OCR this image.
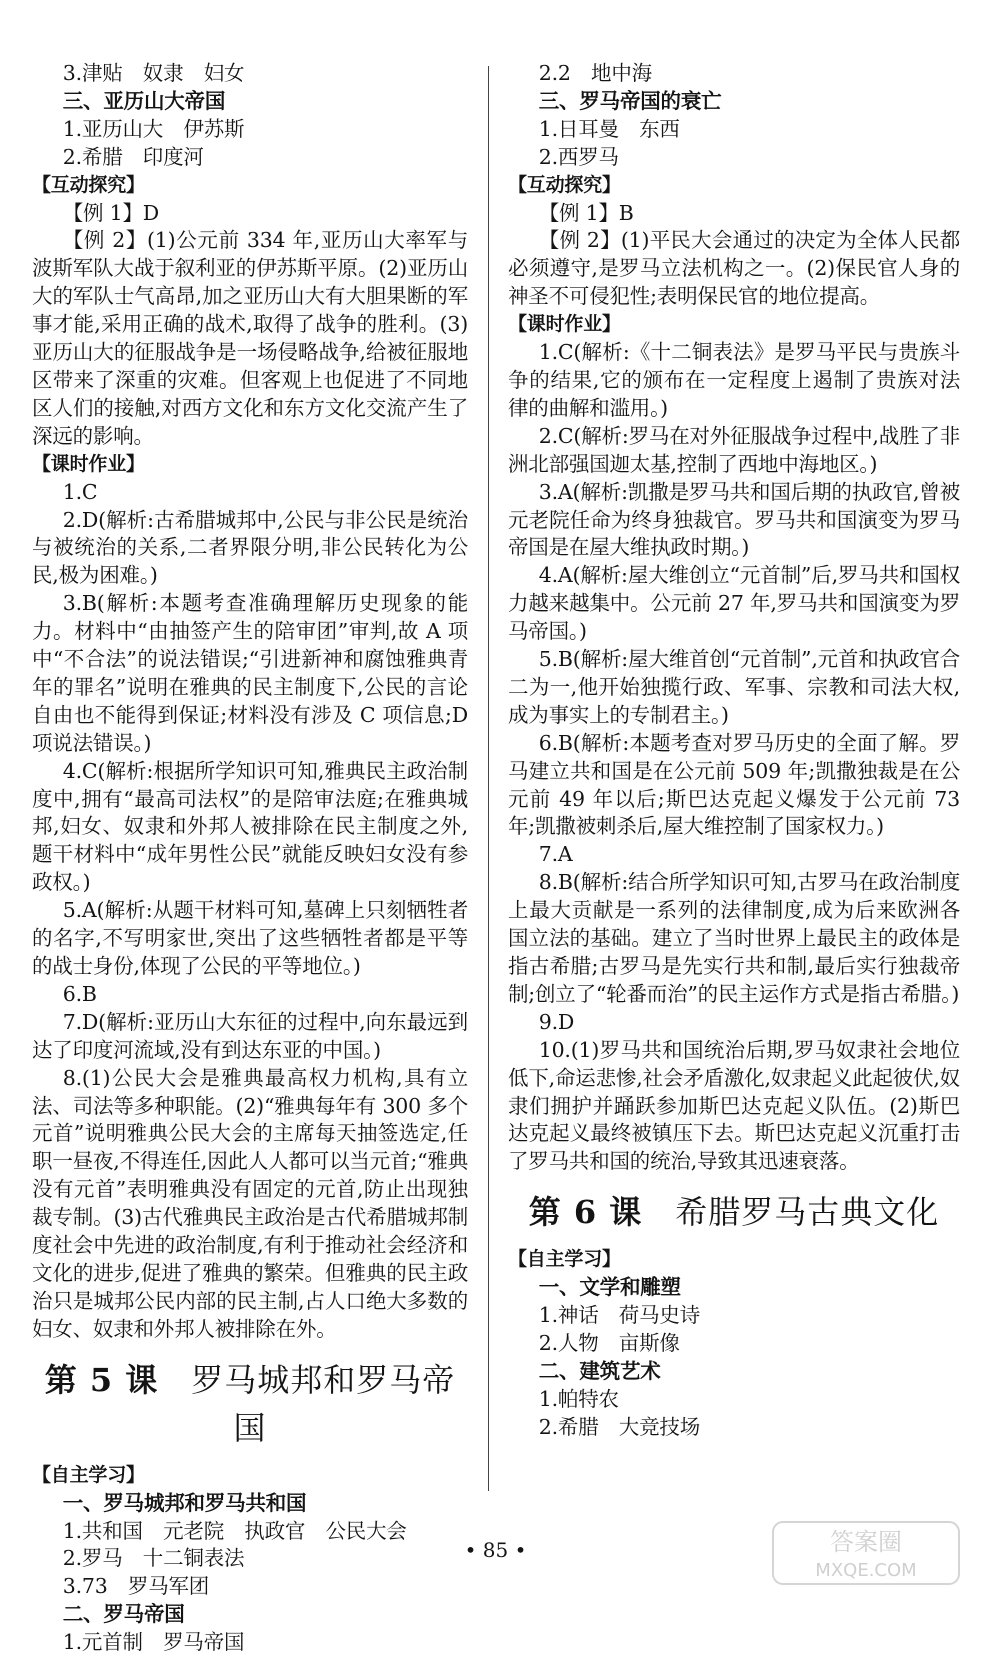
3.津贴　奴隶　妇女

三、亚历山大帝国

1.亚历山大　伊苏斯

2.希腊　印度河

【互动探究】

【例 1】D

【例 2】(1)公元前 334 年,亚历山大率军与波斯军队大战于叙利亚的伊苏斯平原。(2)亚历山大的军队士气高昂,加之亚历山大有大胆果断的军事才能,采用正确的战术,取得了战争的胜利。(3)亚历山大的征服战争是一场侵略战争,给被征服地区带来了深重的灾难。但客观上也促进了不同地区人们的接触,对西方文化和东方文化交流产生了深远的影响。

【课时作业】

1.C

2.D(解析:古希腊城邦中,公民与非公民是统治与被统治的关系,二者界限分明,非公民转化为公民,极为困难。)

3.B(解析:本题考查准确理解历史现象的能力。材料中“由抽签产生的陪审团”审判,故 A 项中“不合法”的说法错误;“引进新神和腐蚀雅典青年的罪名”说明在雅典的民主制度下,公民的言论自由也不能得到保证;材料没有涉及 C 项信息;D 项说法错误。)

4.C(解析:根据所学知识可知,雅典民主政治制度中,拥有“最高司法权”的是陪审法庭;在雅典城邦,妇女、奴隶和外邦人被排除在民主制度之外,题干材料中“成年男性公民”就能反映妇女没有参政权。)

5.A(解析:从题干材料可知,墓碑上只刻牺牲者的名字,不写明家世,突出了这些牺牲者都是平等的战士身份,体现了公民的平等地位。)

6.B

7.D(解析:亚历山大东征的过程中,向东最远到达了印度河流域,没有到达东亚的中国。)

8.(1)公民大会是雅典最高权力机构,具有立法、司法等多种职能。(2)“雅典每年有 300 多个元首”说明雅典公民大会的主席每天抽签选定,任职一昼夜,不得连任,因此人人都可以当元首;“雅典没有元首”表明雅典没有固定的元首,防止出现独裁专制。(3)古代雅典民主政治是古代希腊城邦制度社会中先进的政治制度,有利于推动社会经济和文化的进步,促进了雅典的繁荣。但雅典的民主政治只是城邦公民内部的民主制,占人口绝大多数的妇女、奴隶和外邦人被排除在外。

第 5 课　 罗马城邦和罗马帝国

【自主学习】

一、罗马城邦和罗马共和国

1.共和国　元老院　执政官　公民大会

2.罗马　十二铜表法

3.73　罗马军团

二、罗马帝国

1.元首制　罗马帝国

2.2　地中海

三、罗马帝国的衰亡

1.日耳曼　东西

2.西罗马

【互动探究】

【例 1】B

【例 2】(1)平民大会通过的决定为全体人民都必须遵守,是罗马立法机构之一。(2)保民官人身的神圣不可侵犯性;表明保民官的地位提高。

【课时作业】

1.C(解析:《十二铜表法》是罗马平民与贵族斗争的结果,它的颁布在一定程度上遏制了贵族对法律的曲解和滥用。)

2.C(解析:罗马在对外征服战争过程中,战胜了非洲北部强国迦太基,控制了西地中海地区。)

3.A(解析:凯撒是罗马共和国后期的执政官,曾被元老院任命为终身独裁官。罗马共和国演变为罗马帝国是在屋大维执政时期。)

4.A(解析:屋大维创立“元首制”后,罗马共和国权力越来越集中。公元前 27 年,罗马共和国演变为罗马帝国。)

5.B(解析:屋大维首创“元首制”,元首和执政官合二为一,他开始独揽行政、军事、宗教和司法大权,成为事实上的专制君主。)

6.B(解析:本题考查对罗马历史的全面了解。罗马建立共和国是在公元前 509 年;凯撒独裁是在公元前 49 年以后;斯巴达克起义爆发于公元前 73 年;凯撒被刺杀后,屋大维控制了国家权力。)

7.A

8.B(解析:结合所学知识可知,古罗马在政治制度上最大贡献是一系列的法律制度,成为后来欧洲各国立法的基础。建立了当时世界上最民主的政体是指古希腊;古罗马是先实行共和制,最后实行独裁帝制;创立了“轮番而治”的民主运作方式是指古希腊。)

9.D

10.(1)罗马共和国统治后期,罗马奴隶社会地位低下,命运悲惨,社会矛盾激化,奴隶起义此起彼伏,奴隶们拥护并踊跃参加斯巴达克起义队伍。(2)斯巴达克起义最终被镇压下去。斯巴达克起义沉重打击了罗马共和国的统治,导致其迅速衰落。

第 6 课　 希腊罗马古典文化

【自主学习】

一、文学和雕塑

1.神话　荷马史诗

2.人物　亩斯像

二、建筑艺术

1.帕特农

2.希腊　大竞技场

• 85 •	答案圈
MXQE.COM
